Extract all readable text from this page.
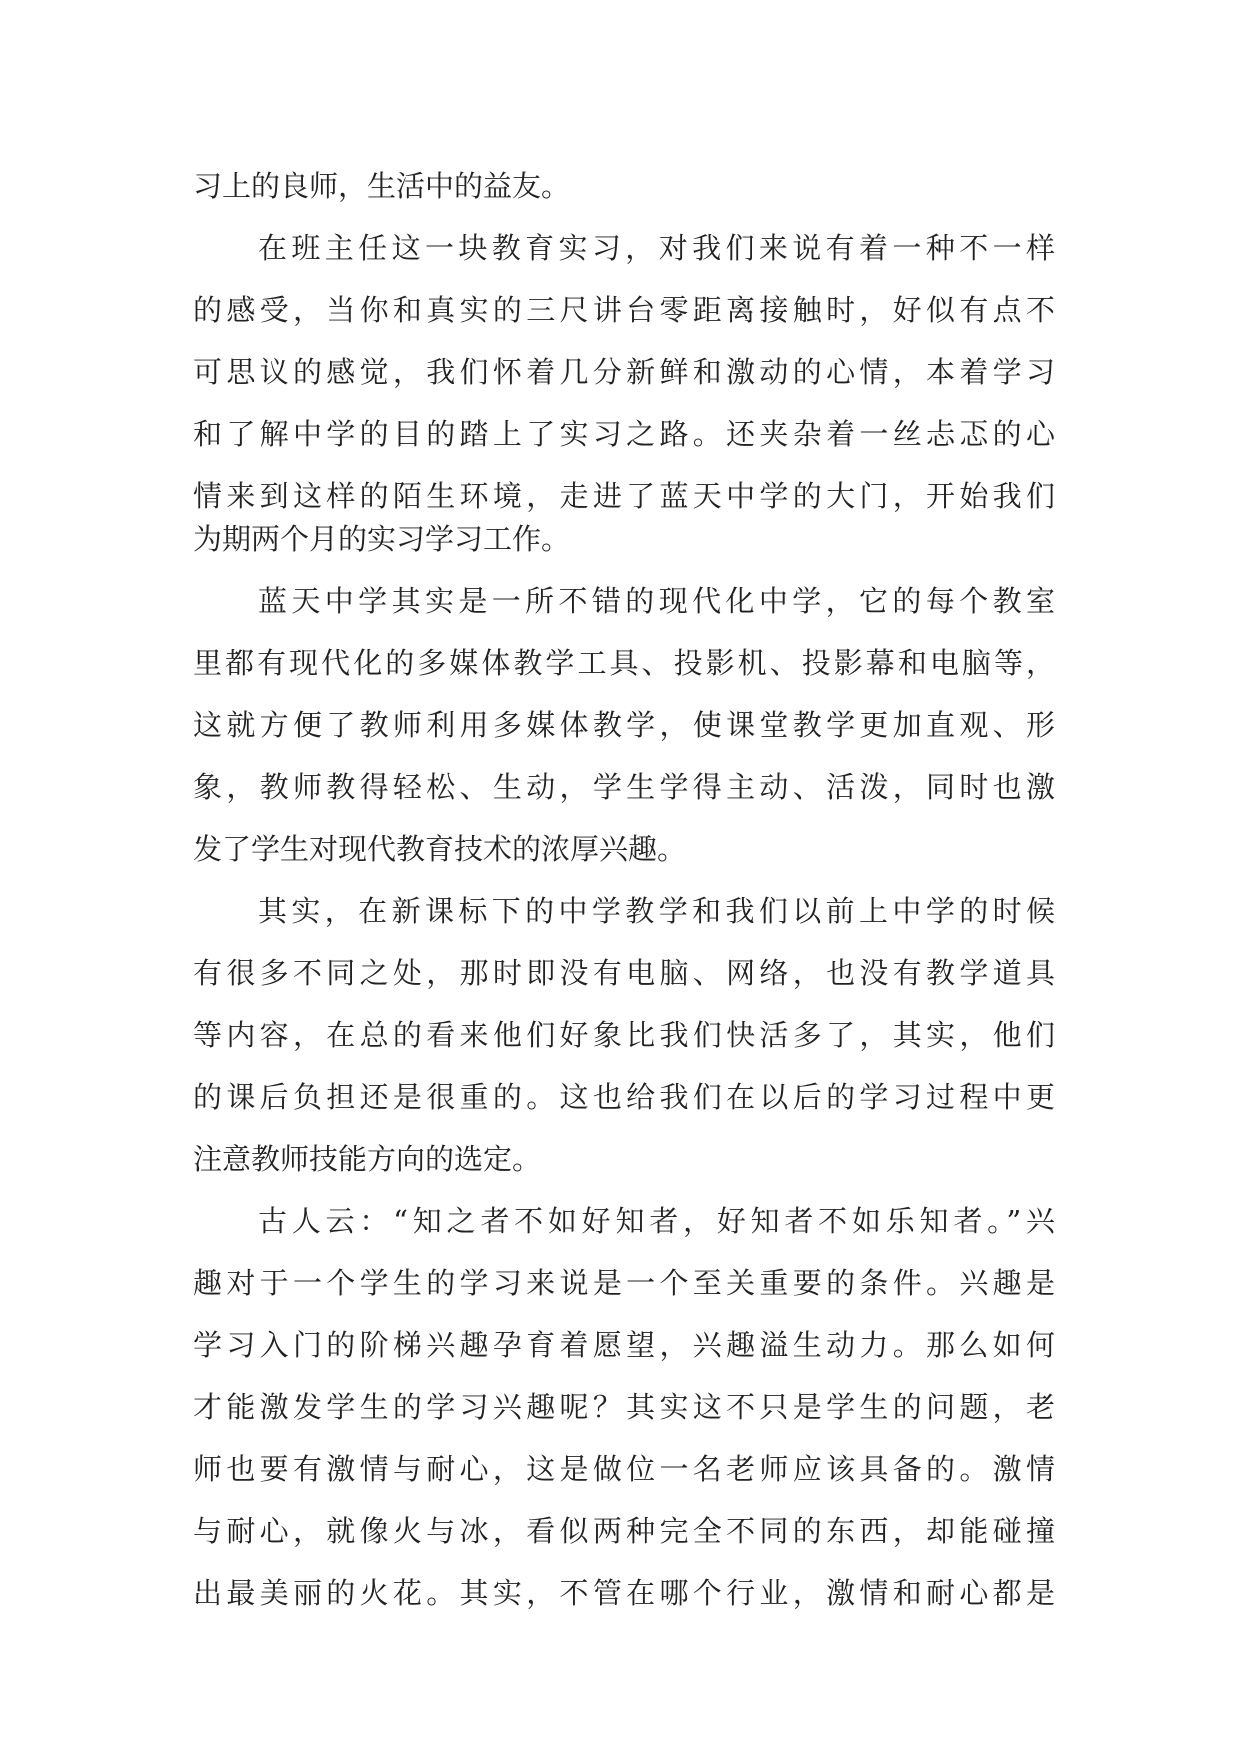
习上的良师，生活中的益友。
在班主任这一块教育实习，对我们来说有着一种不一样
的感受，当你和真实的三尺讲台零距离接触时，好似有点不
可思议的感觉，我们怀着几分新鲜和激动的心情，本着学习
和了解中学的目的踏上了实习之路。还夹杂着一丝忐忑的心
情来到这样的陌生环境，走进了蓝天中学的大门，开始我们
为期两个月的实习学习工作。
蓝天中学其实是一所不错的现代化中学，它的每个教室
里都有现代化的多媒体教学工具、投影机、投影幕和电脑等，
这就方便了教师利用多媒体教学，使课堂教学更加直观、形
象，教师教得轻松、生动，学生学得主动、活泼，同时也激
发了学生对现代教育技术的浓厚兴趣。
其实，在新课标下的中学教学和我们以前上中学的时候
有很多不同之处，那时即没有电脑、网络，也没有教学道具
等内容，在总的看来他们好象比我们快活多了，其实，他们
的课后负担还是很重的。这也给我们在以后的学习过程中更
注意教师技能方向的选定。
古人云：“知之者不如好知者，好知者不如乐知者。”兴
趣对于一个学生的学习来说是一个至关重要的条件。兴趣是
学习入门的阶梯兴趣孕育着愿望，兴趣溢生动力。那么如何
才能激发学生的学习兴趣呢？其实这不只是学生的问题，老
师也要有激情与耐心，这是做位一名老师应该具备的。激情
与耐心，就像火与冰，看似两种完全不同的东西，却能碰撞
出最美丽的火花。其实，不管在哪个行业，激情和耐心都是
